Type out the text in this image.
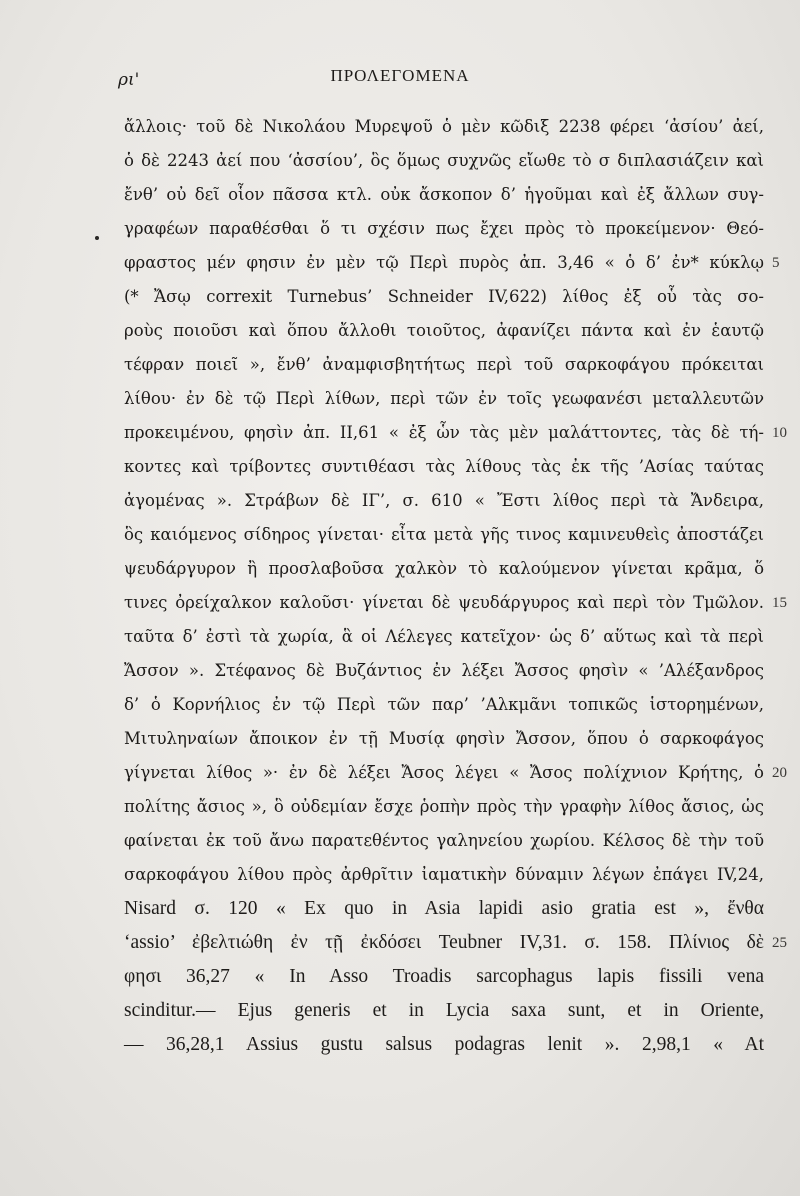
ρι'	ΠΡΟΛΕΓΟΜΕΝΑ
ἄλλοις· τοῦ δὲ Νικολάου Μυρεψοῦ ὁ μὲν κῶδιξ 2238 φέρει ‘ἀσίου’ ἀεί,
ὁ δὲ 2243 ἀεί που ‘ἀσσίου’, ὃς ὅμως συχνῶς εἴωθε τὸ σ διπλασιάζειν καὶ
ἔνθ’ οὐ δεῖ οἷον πᾶσσα κτλ. οὐκ ἄσκοπον δ’ ἡγοῦμαι καὶ ἐξ ἄλλων συγ-
γραφέων παραθέσθαι ὅ τι σχέσιν πως ἔχει πρὸς τὸ προκείμενον· Θεό-
φραστος μέν φησιν ἐν μὲν τῷ Περὶ πυρὸς ἀπ. 3,46 « ὁ δ’ ἐν* κύκλῳ
(* Ἄσῳ correxit Turnebus’ Schneider IV,622) λίθος ἐξ οὗ τὰς σο-
ροὺς ποιοῦσι καὶ ὅπου ἄλλοθι τοιοῦτος, ἀφανίζει πάντα καὶ ἐν ἑαυτῷ
τέφραν ποιεῖ », ἔνθ’ ἀναμφισβητήτως περὶ τοῦ σαρκοφάγου πρόκειται
λίθου· ἐν δὲ τῷ Περὶ λίθων, περὶ τῶν ἐν τοῖς γεωφανέσι μεταλλευτῶν
προκειμένου, φησὶν ἀπ. II,61 « ἐξ ὧν τὰς μὲν μαλάττοντες, τὰς δὲ τή-
κοντες καὶ τρίβοντες συντιθέασι τὰς λίθους τὰς ἐκ τῆς ’Ασίας ταύτας
ἀγομένας ». Στράβων δὲ ΙΓ’, σ. 610 « Ἔστι λίθος περὶ τὰ Ἄνδειρα,
ὃς καιόμενος σίδηρος γίνεται· εἶτα μετὰ γῆς τινος καμινευθεὶς ἀποστάζει
ψευδάργυρον ἢ προσλαβοῦσα χαλκὸν τὸ καλούμενον γίνεται κρᾶμα, ὅ
τινες ὀρείχαλκον καλοῦσι· γίνεται δὲ ψευδάργυρος καὶ περὶ τὸν Τμῶλον.
ταῦτα δ’ ἐστὶ τὰ χωρία, ἃ οἱ Λέλεγες κατεῖχον· ὡς δ’ αὕτως καὶ τὰ περὶ
Ἄσσον ». Στέφανος δὲ Βυζάντιος ἐν λέξει Ἄσσος φησὶν « ’Αλέξανδρος
δ’ ὁ Κορνήλιος ἐν τῷ Περὶ τῶν παρ’ ’Αλκμᾶνι τοπικῶς ἱστορημένων,
Μιτυληναίων ἄποικον ἐν τῇ Μυσίᾳ φησὶν Ἄσσον, ὅπου ὁ σαρκοφάγος
γίγνεται λίθος »· ἐν δὲ λέξει Ἄσος λέγει « Ἄσος πολίχνιον Κρήτης, ὁ
πολίτης ἄσιος », ὃ οὐδεμίαν ἔσχε ῥοπὴν πρὸς τὴν γραφὴν λίθος ἄσιος, ὡς
φαίνεται ἐκ τοῦ ἄνω παρατεθέντος γαληνείου χωρίου. Κέλσος δὲ τὴν τοῦ
σαρκοφάγου λίθου πρὸς ἀρθρῖτιν ἰαματικὴν δύναμιν λέγων ἐπάγει IV,24,
Nisard σ. 120 « Ex quo in Asia lapidi asio gratia est », ἔνθα
‘assio’ ἐβελτιώθη ἐν τῇ ἐκδόσει Teubner IV,31. σ. 158. Πλίνιος δὲ
φησι 36,27 « In Asso Troadis sarcophagus lapis fissili vena
scinditur.— Ejus generis et in Lycia saxa sunt, et in Oriente,
— 36,28,1 Assius gustu salsus podagras lenit ». 2,98,1 « At
5
10
15
20
25
